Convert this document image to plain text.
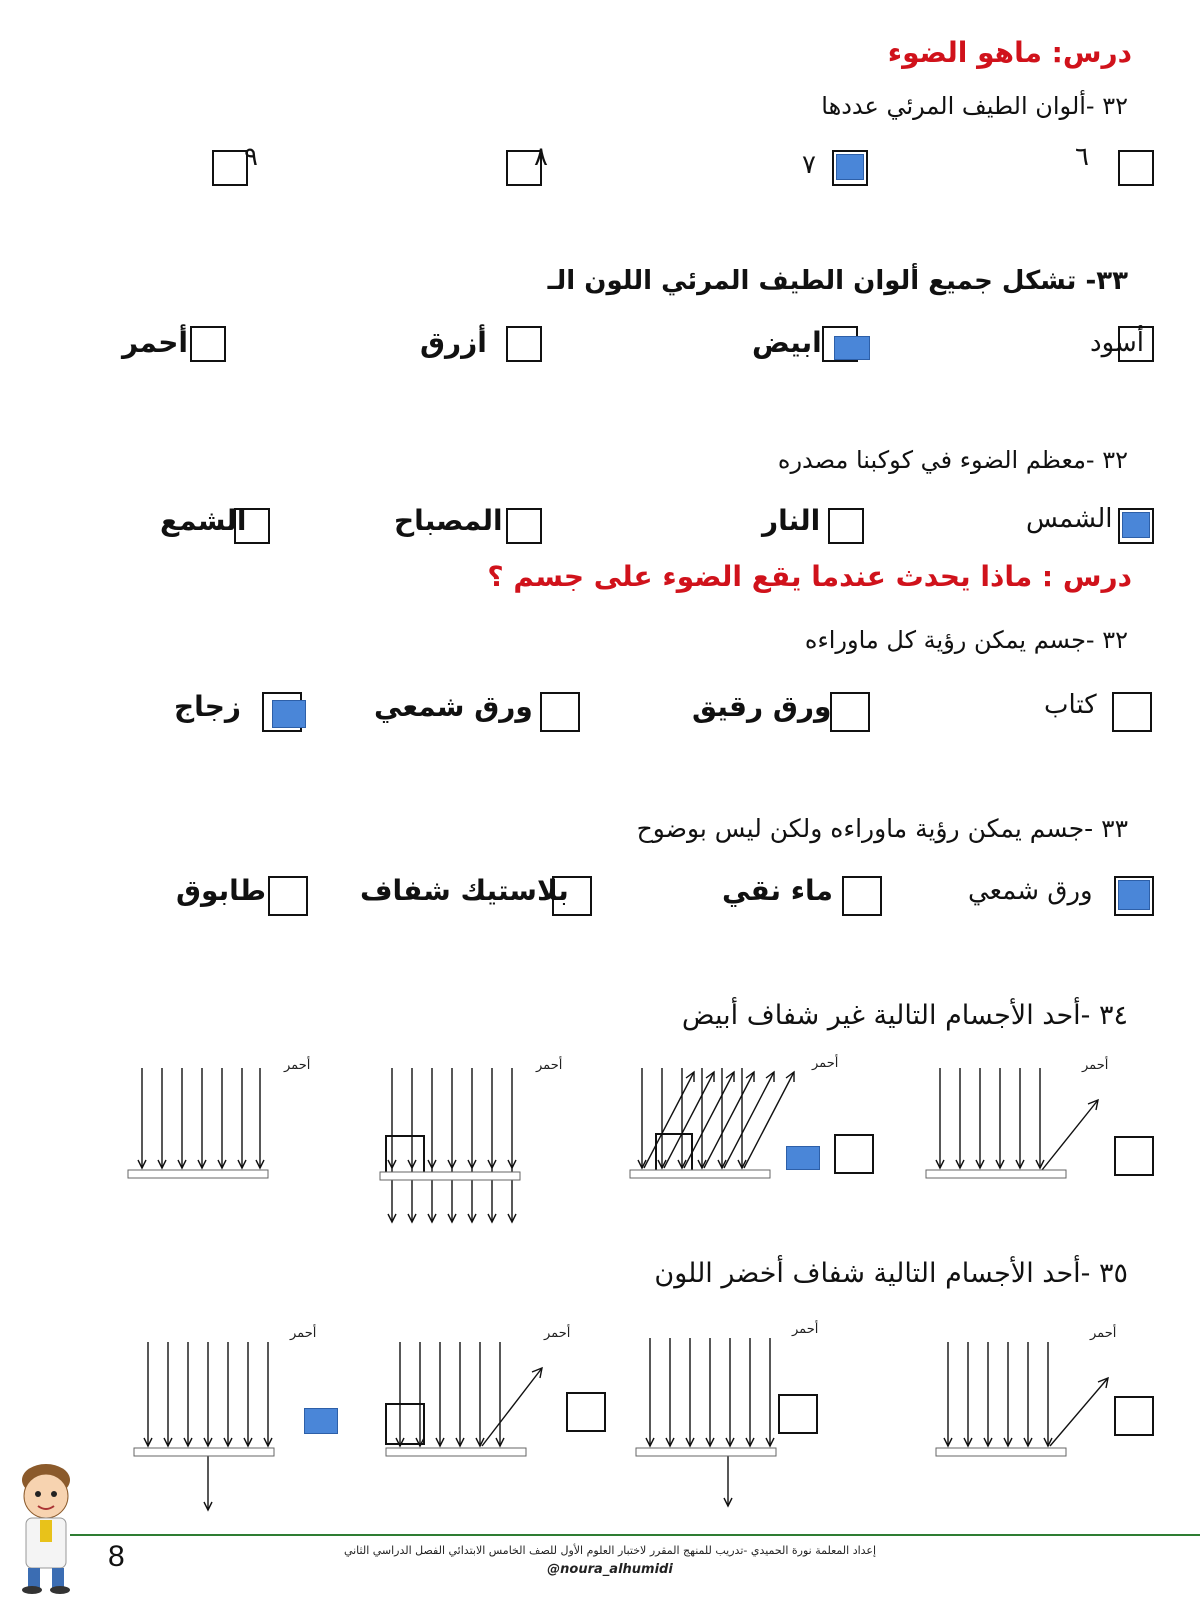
درس: ماهو الضوء
٣٢ -ألوان الطيف المرئي عددها
٦
٧
٨
٩
٣٣- تشكل جميع ألوان الطيف المرئي اللون الـ
أسود
ابيض
أزرق
أحمر
٣٢ -معظم الضوء في كوكبنا مصدره
الشمس
النار
المصباح
الشمع
درس : ماذا يحدث عندما يقع الضوء على جسم ؟
٣٢ -جسم يمكن رؤية كل ماوراءه
كتاب
ورق رقيق
ورق شمعي
زجاج
٣٣ -جسم يمكن رؤية ماوراءه ولكن ليس بوضوح
ورق شمعي
ماء نقي
بلاستيك شفاف
طابوق
٣٤ -أحد الأجسام التالية غير شفاف أبيض
أحمر
أحمر
أحمر
أحمر
٣٥ -أحد الأجسام التالية شفاف أخضر اللون
أحمر
أحمر
أحمر
أحمر
8	إعداد المعلمة نورة الحميدي -تدريب للمنهج المقرر لاختبار العلوم الأول للصف الخامس الابتدائي الفصل الدراسي الثاني
@noura_alhumidi
